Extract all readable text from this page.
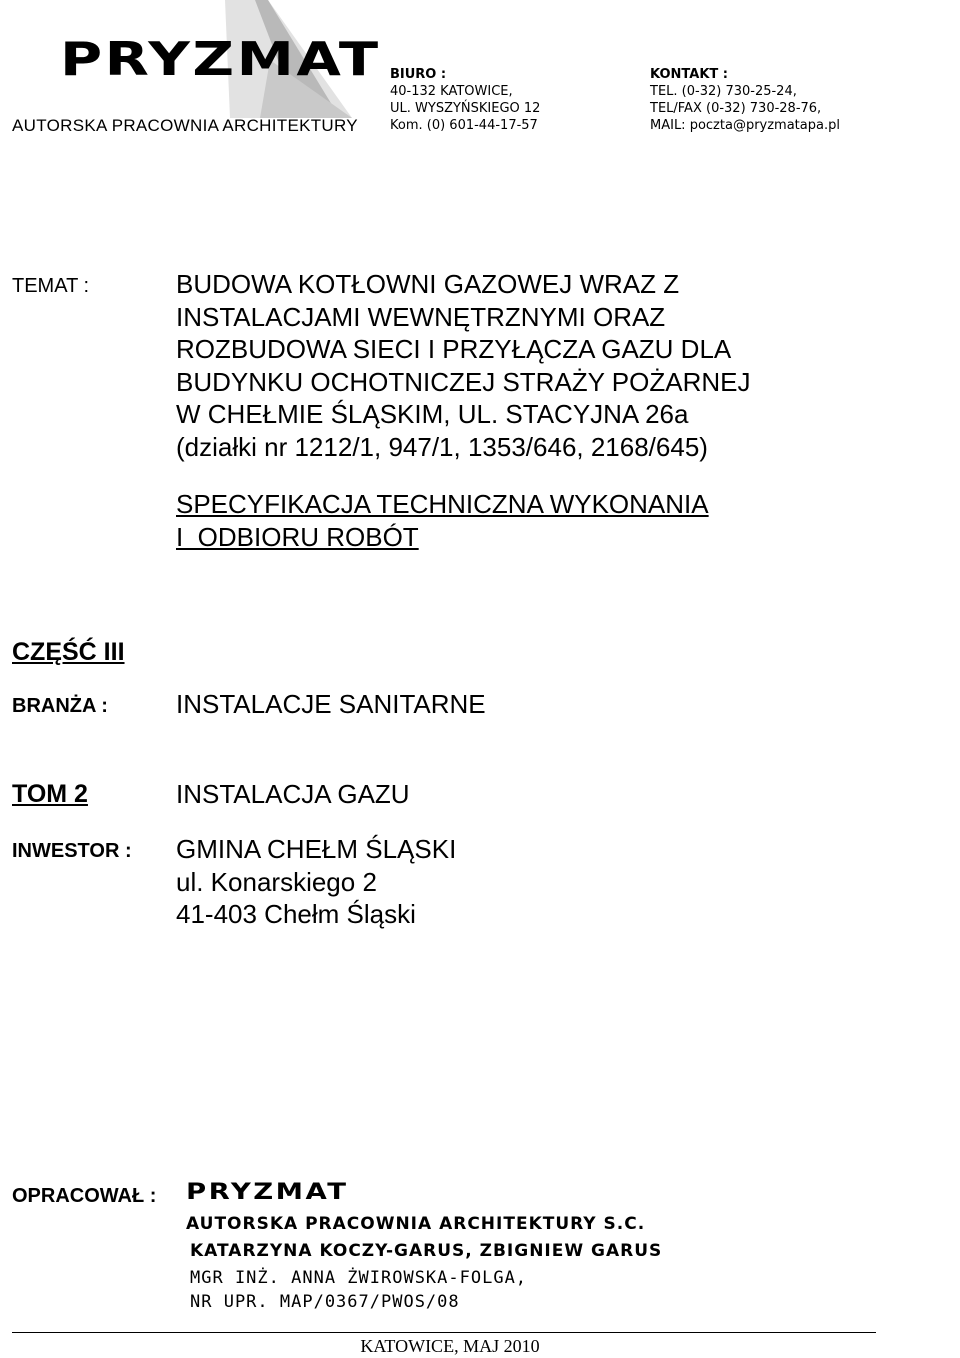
PRYZMAT
AUTORSKA PRACOWNIA ARCHITEKTURY
BIURO :
40-132 KATOWICE,
UL. WYSZYŃSKIEGO 12
Kom. (0) 601-44-17-57
KONTAKT :
TEL. (0-32) 730-25-24,
TEL/FAX (0-32) 730-28-76,
MAIL: poczta@pryzmatapa.pl
TEMAT :	BUDOWA KOTŁOWNI GAZOWEJ WRAZ Z
INSTALACJAMI WEWNĘTRZNYMI ORAZ
ROZBUDOWA SIECI I PRZYŁĄCZA GAZU DLA
BUDYNKU OCHOTNICZEJ STRAŻY POŻARNEJ
W CHEŁMIE ŚLĄSKIM, UL. STACYJNA 26a
(działki nr 1212/1, 947/1, 1353/646, 2168/645)
SPECYFIKACJA TECHNICZNA WYKONANIA
I  ODBIORU ROBÓT
CZĘŚĆ III
BRANŻA :	INSTALACJE SANITARNE
TOM 2	INSTALACJA GAZU
INWESTOR : GMINA CHEŁM ŚLĄSKI
ul. Konarskiego 2
41-403 Chełm Śląski
OPRACOWAŁ : PRYZMAT
AUTORSKA PRACOWNIA ARCHITEKTURY S.C.
KATARZYNA KOCZY-GARUS, ZBIGNIEW GARUS
MGR INŻ. ANNA ŻWIROWSKA-FOLGA,
NR UPR. MAP/0367/PWOS/08
KATOWICE, MAJ 2010
